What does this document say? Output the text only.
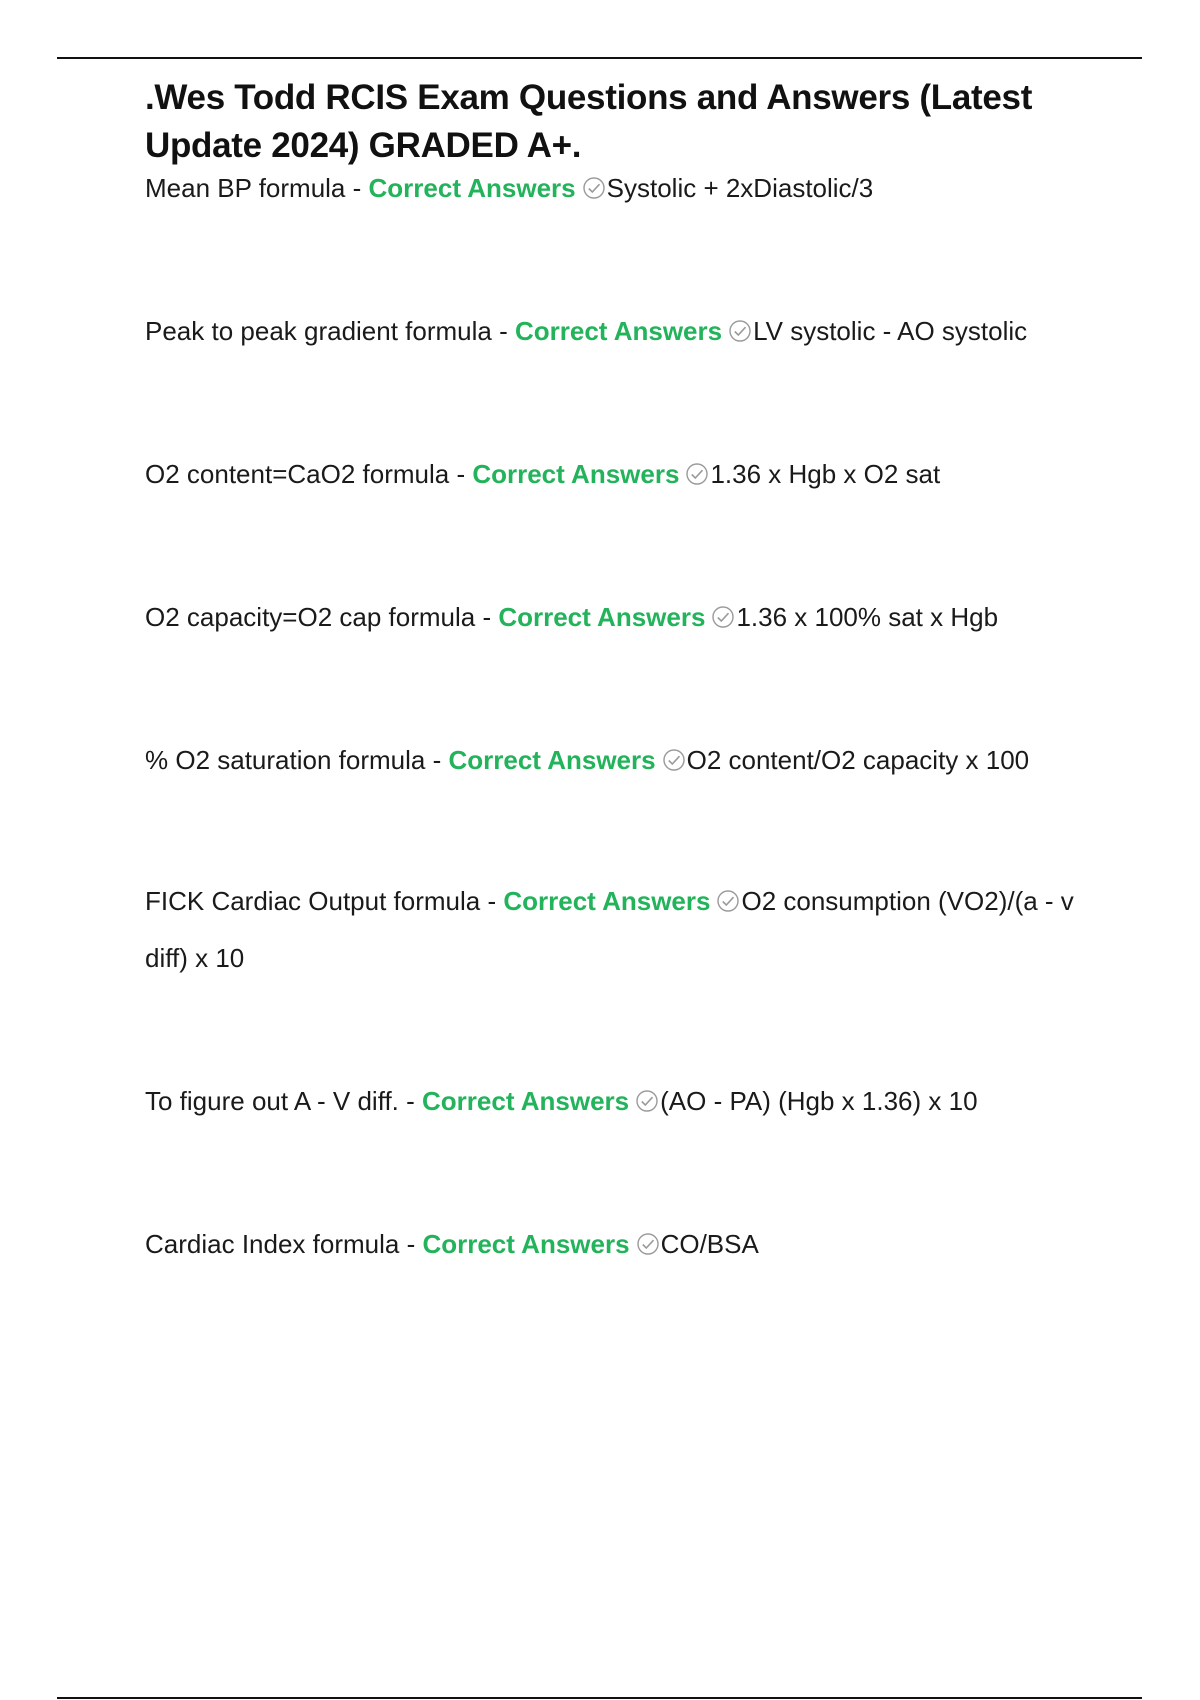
.Wes Todd RCIS Exam Questions and Answers (Latest Update 2024) GRADED A+.

Mean BP formula - Correct Answers Systolic + 2xDiastolic/3

Peak to peak gradient formula - Correct Answers LV systolic - AO systolic

O2 content=CaO2 formula - Correct Answers 1.36 x Hgb x O2 sat

O2 capacity=O2 cap formula - Correct Answers 1.36 x 100% sat x Hgb

% O2 saturation formula - Correct Answers O2 content/O2 capacity x 100

FICK Cardiac Output formula - Correct Answers O2 consumption (VO2)/(a - v diff) x 10

To figure out A - V diff. - Correct Answers (AO - PA) (Hgb x 1.36) x 10

Cardiac Index formula - Correct Answers CO/BSA
